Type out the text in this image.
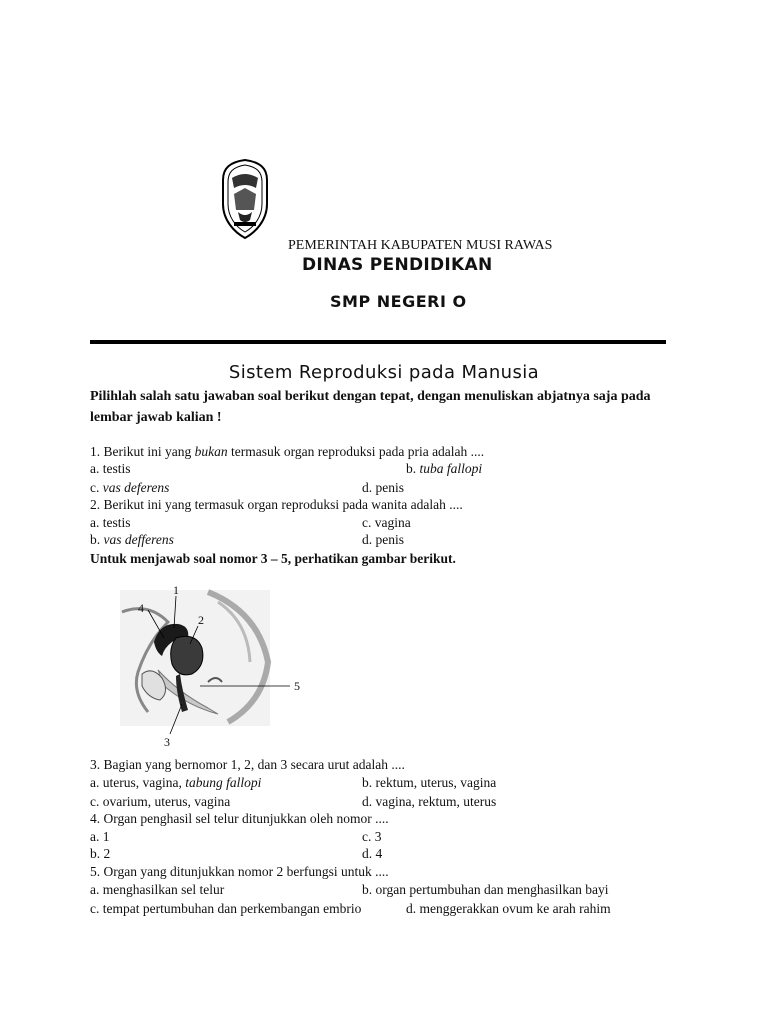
PEMERINTAH KABUPATEN MUSI RAWAS
DINAS PENDIDIKAN
SMP NEGERI O
Sistem Reproduksi pada Manusia
Pilihlah salah satu jawaban soal berikut dengan tepat, dengan menuliskan abjatnya saja pada lembar jawab kalian !
1. Berikut ini yang bukan termasuk organ reproduksi pada pria adalah ....
a. testis	b. tuba fallopi
c. vas deferens	d. penis
2. Berikut ini yang termasuk organ reproduksi pada wanita adalah ....
a. testis	c. vagina
b. vas defferens	d. penis
Untuk menjawab soal nomor 3 – 5, perhatikan gambar berikut.
1
2
3
4
5
3. Bagian yang bernomor 1, 2, dan 3 secara urut adalah ....
a. uterus, vagina, tabung fallopi	b. rektum, uterus, vagina
c. ovarium, uterus, vagina	d. vagina, rektum, uterus
4. Organ penghasil sel telur ditunjukkan oleh nomor ....
a. 1	c. 3
b. 2	d. 4
5. Organ yang ditunjukkan nomor 2 berfungsi untuk ....
a. menghasilkan sel telur	b. organ pertumbuhan dan menghasilkan bayi
c. tempat pertumbuhan dan perkembangan embrio	d. menggerakkan ovum ke arah rahim
